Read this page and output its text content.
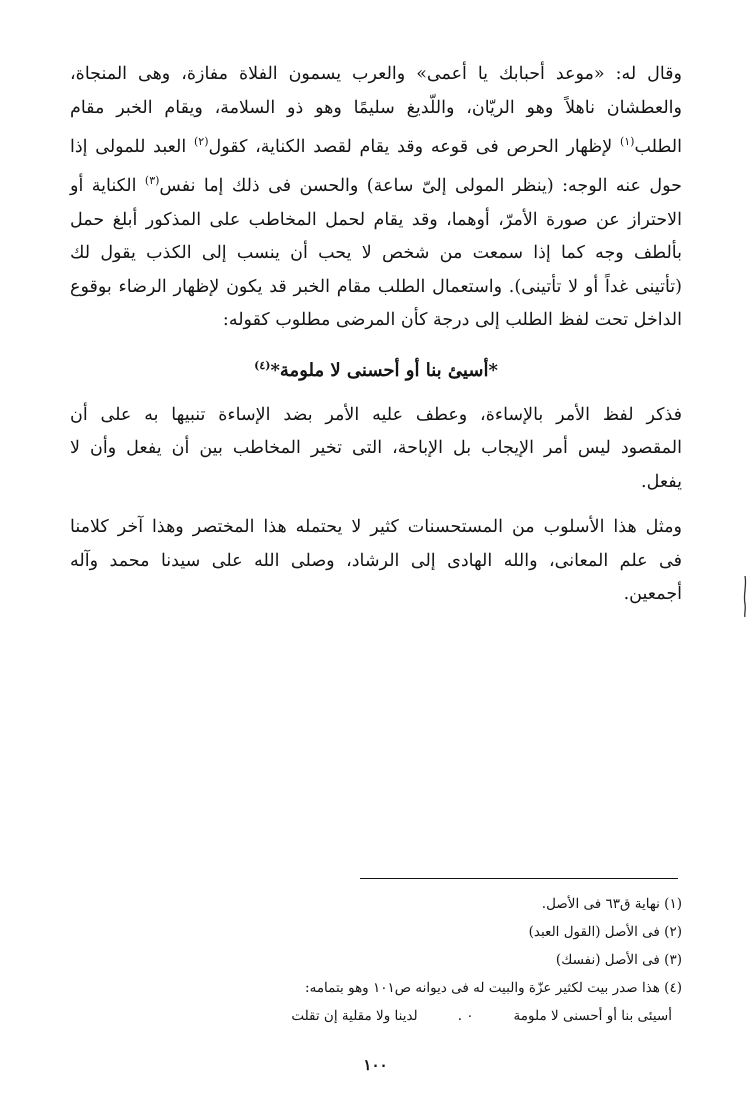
وقال له: «موعد أحبابك يا أعمى» والعرب يسمون الفلاة مفازة، وهى المنجاة،
والعطشان ناهلاً وهو الريّان، واللّديغ سليمًا وهو ذو السلامة، ويقام الخبر مقام
الطلب$^{(١)}$ لإظهار الحرص فى قوعه وقد يقام لقصد الكناية، كقول$^{(٢)}$ العبد للمولى إذا
حول عنه الوجه: (ينظر المولى إلىّ ساعة) والحسن فى ذلك إما نفس$^{(٣)}$ الكناية أو
الاحتراز عن صورة الأمرّ، أوهما، وقد يقام لحمل المخاطب على المذكور أبلغ حمل
بألطف وجه كما إذا سمعت من شخص لا يحب أن ينسب إلى الكذب يقول لك
(تأتينى غداً أو لا تأتينى). واستعمال الطلب مقام الخبر قد يكون لإظهار الرضاء بوقوع
الداخل تحت لفظ الطلب إلى درجة كأن المرضى مطلوب كقوله:

*أسيئ بنا أو أحسنى لا ملومة*$^{(٤)}$

فذكر لفظ الأمر بالإساءة، وعطف عليه الأمر بضد الإساءة تنبيها به على أن
المقصود ليس أمر الإيجاب بل الإباحة، التى تخير المخاطب بين أن يفعل وأن لا
يفعل.

ومثل هذا الأسلوب من المستحسنات كثير لا يحتمله هذا المختصر وهذا آخر كلامنا
فى علم المعانى، والله الهادى إلى الرشاد، وصلى الله على سيدنا محمد وآله
أجمعين.

(١) نهاية ق٦٣ فى الأصل.
(٢) فى الأصل (القول العبد)
(٣) فى الأصل (نفسك)
(٤) هذا صدر بيت لكثير عزّة والبيت له فى ديوانه ص١٠١ وهو بتمامه:
أسيئى بنا أو أحسنى لا ملومة
٠ .
لدينا ولا مقلية إن تقلت
١٠٠
